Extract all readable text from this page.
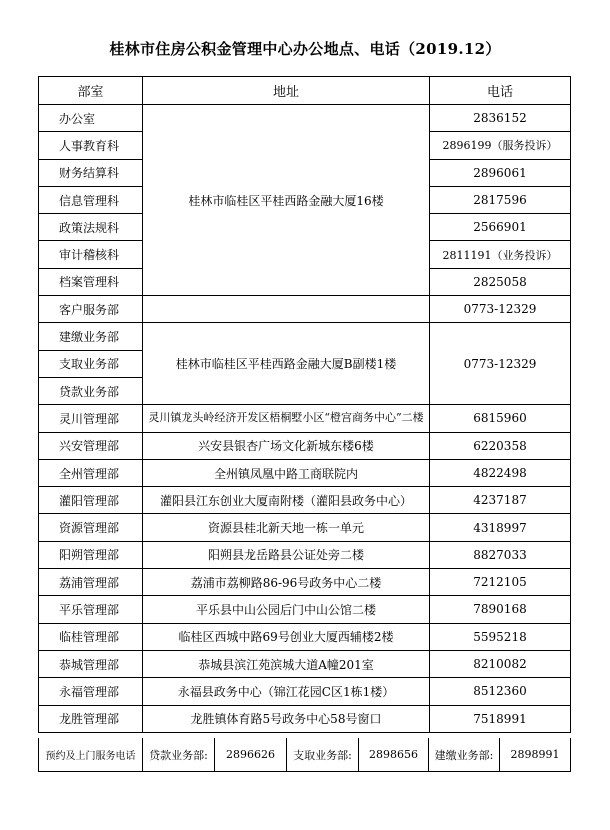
桂林市住房公积金管理中心办公地点、电话（2019.12）
部室	地址	电话
办公室	桂林市临桂区平桂西路金融大厦16楼	2836152
人事教育科		2896199（服务投诉）
财务结算科		2896061
信息管理科		2817596
政策法规科		2566901
审计稽核科		2811191（业务投诉）
档案管理科		2825058
客户服务部		0773-12329
建缴业务部	桂林市临桂区平桂西路金融大厦B副楼1楼	0773-12329
支取业务部		
贷款业务部		
灵川管理部	灵川镇龙头岭经济开发区梧桐墅小区“橙宫商务中心”二楼	6815960
兴安管理部	兴安县银杏广场文化新城东楼6楼	6220358
全州管理部	全州镇凤凰中路工商联院内	4822498
灌阳管理部	灌阳县江东创业大厦南附楼（灌阳县政务中心）	4237187
资源管理部	资源县桂北新天地一栋一单元	4318997
阳朔管理部	阳朔县龙岳路县公证处旁二楼	8827033
荔浦管理部	荔浦市荔柳路86-96号政务中心二楼	7212105
平乐管理部	平乐县中山公园后门中山公馆二楼	7890168
临桂管理部	临桂区西城中路69号创业大厦西辅楼2楼	5595218
恭城管理部	恭城县滨江苑滨城大道A幢201室	8210082
永福管理部	永福县政务中心（锦江花园C区1栋1楼）	8512360
龙胜管理部	龙胜镇体育路5号政务中心58号窗口	7518991
预约及上门服务电话	贷款业务部:	2896626	支取业务部:	2898656	建缴业务部:	2898991
